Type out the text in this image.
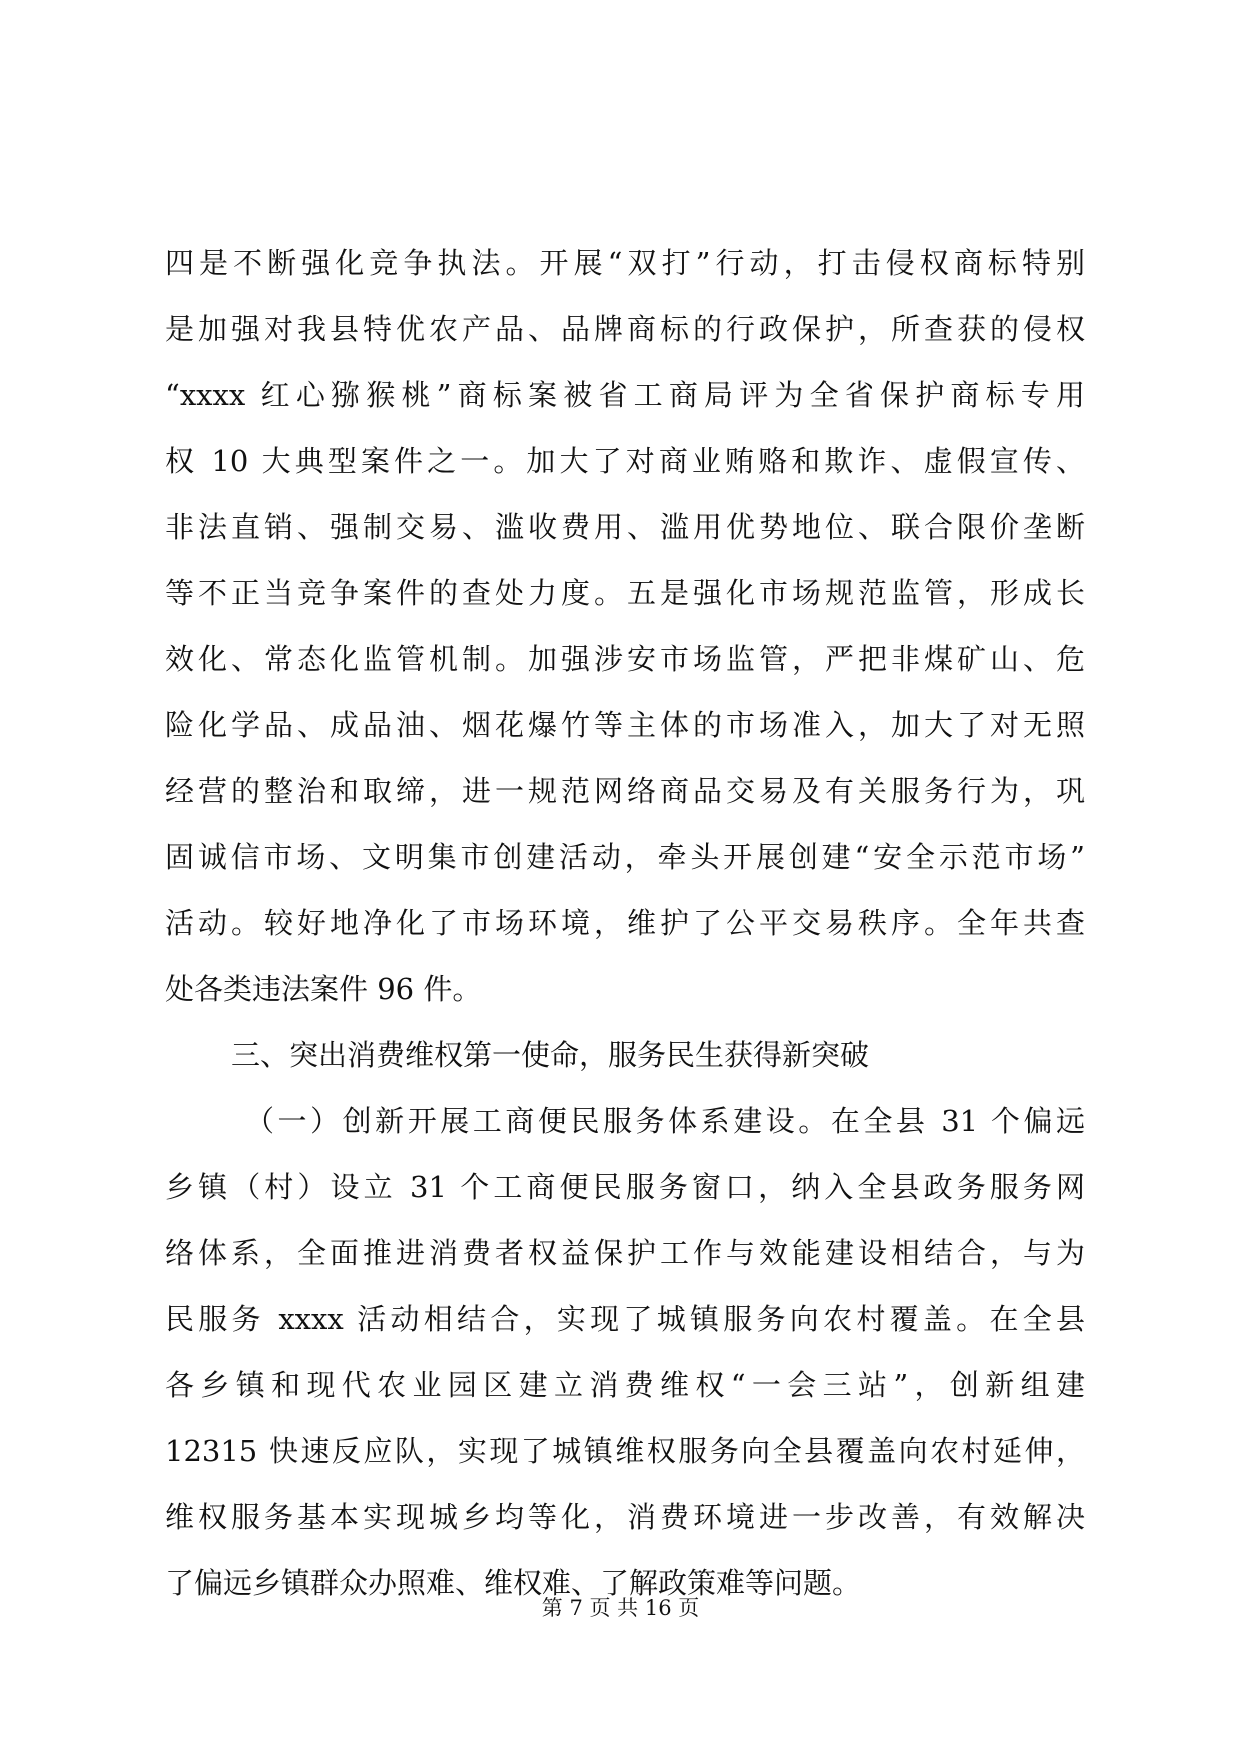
四是不断强化竞争执法。开展“双打”行动，打击侵权商标特别
是加强对我县特优农产品、品牌商标的行政保护，所查获的侵权
“xxxx 红心猕猴桃”商标案被省工商局评为全省保护商标专用
权 10 大典型案件之一。加大了对商业贿赂和欺诈、虚假宣传、
非法直销、强制交易、滥收费用、滥用优势地位、联合限价垄断
等不正当竞争案件的查处力度。五是强化市场规范监管，形成长
效化、常态化监管机制。加强涉安市场监管，严把非煤矿山、危
险化学品、成品油、烟花爆竹等主体的市场准入，加大了对无照
经营的整治和取缔，进一规范网络商品交易及有关服务行为，巩
固诚信市场、文明集市创建活动，牵头开展创建“安全示范市场”
活动。较好地净化了市场环境，维护了公平交易秩序。全年共查
处各类违法案件 96 件。
三、突出消费维权第一使命，服务民生获得新突破
（一）创新开展工商便民服务体系建设。在全县 31 个偏远
乡镇（村）设立 31 个工商便民服务窗口，纳入全县政务服务网
络体系，全面推进消费者权益保护工作与效能建设相结合，与为
民服务 xxxx 活动相结合，实现了城镇服务向农村覆盖。在全县
各乡镇和现代农业园区建立消费维权“一会三站”，创新组建
12315 快速反应队，实现了城镇维权服务向全县覆盖向农村延伸，
维权服务基本实现城乡均等化，消费环境进一步改善，有效解决
了偏远乡镇群众办照难、维权难、了解政策难等问题。
第 7 页 共 16 页
